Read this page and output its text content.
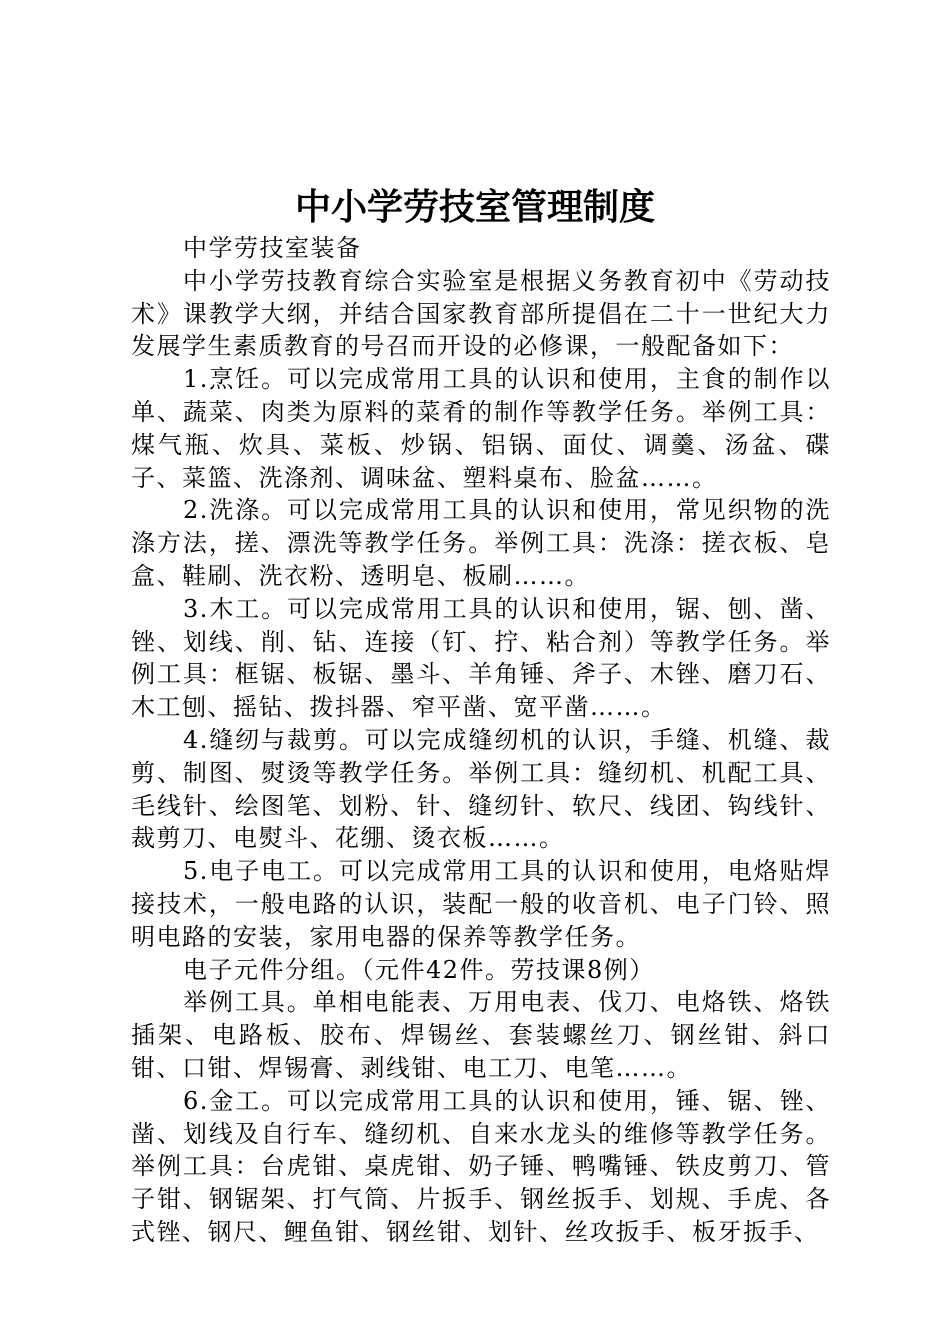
中小学劳技室管理制度

中学劳技室装备

中小学劳技教育综合实验室是根据义务教育初中《劳动技术》课教学大纲，并结合国家教育部所提倡在二十一世纪大力发展学生素质教育的号召而开设的必修课，一般配备如下：

1.烹饪。可以完成常用工具的认识和使用，主食的制作以单、蔬菜、肉类为原料的菜肴的制作等教学任务。举例工具：煤气瓶、炊具、菜板、炒锅、铝锅、面仗、调羹、汤盆、碟子、菜篮、洗涤剂、调味盆、塑料桌布、脸盆……。

2.洗涤。可以完成常用工具的认识和使用，常见织物的洗涤方法，搓、漂洗等教学任务。举例工具：洗涤：搓衣板、皂盒、鞋刷、洗衣粉、透明皂、板刷……。

3.木工。可以完成常用工具的认识和使用，锯、刨、凿、锉、划线、削、钻、连接（钉、拧、粘合剂）等教学任务。举例工具：框锯、板锯、墨斗、羊角锤、斧子、木锉、磨刀石、木工刨、摇钻、拨抖器、窄平凿、宽平凿……。

4.缝纫与裁剪。可以完成缝纫机的认识，手缝、机缝、裁剪、制图、熨烫等教学任务。举例工具：缝纫机、机配工具、毛线针、绘图笔、划粉、针、缝纫针、软尺、线团、钩线针、裁剪刀、电熨斗、花绷、烫衣板……。

5.电子电工。可以完成常用工具的认识和使用，电烙贴焊接技术，一般电路的认识，装配一般的收音机、电子门铃、照明电路的安装，家用电器的保养等教学任务。

电子元件分组。（元件42件。劳技课8例）

举例工具。单相电能表、万用电表、伐刀、电烙铁、烙铁插架、电路板、胶布、焊锡丝、套装螺丝刀、钢丝钳、斜口钳、口钳、焊锡膏、剥线钳、电工刀、电笔……。

6.金工。可以完成常用工具的认识和使用，锤、锯、锉、凿、划线及自行车、缝纫机、自来水龙头的维修等教学任务。举例工具：台虎钳、桌虎钳、奶子锤、鸭嘴锤、铁皮剪刀、管子钳、钢锯架、打气筒、片扳手、钢丝扳手、划规、手虎、各式锉、钢尺、鲤鱼钳、钢丝钳、划针、丝攻扳手、板牙扳手、
